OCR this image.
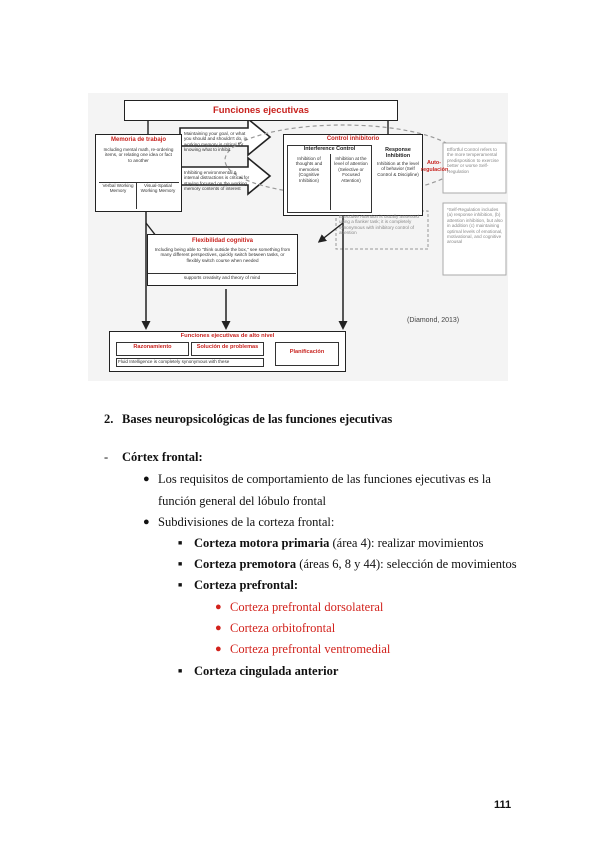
Funciones ejecutivas
Memoria de trabajo
Including mental math, re-ordering items, or relating one idea or fact to another
Verbal Working Memory
Visual-Spatial Working Memory
Maintaining your goal, or what you should and shouldn't do, in working memory is critical for knowing what to inhibit
Inhibiting environmental & internal distractions is critical for staying focused on the working memory contents of interest
Control inhibitorio
Interference Control
Inhibition of thoughts and memories (Cognitive Inhibition)
Inhibition at the level of attention (Selective or Focused Attention)
Response Inhibition
Inhibition at the level of behavior (Self Control & Discipline)
Auto-regulación
Effortful Control refers to the more temperamental predisposition to exercise better or worse Self-Regulation
Executive Attention is usually assessed using a flanker task; it is completely synonymous with inhibitory control of attention
*Self-Regulation includes (a) response inhibition, (b) attention inhibition, but also in addition (c) maintaining optimal levels of emotional, motivational, and cognitive arousal
Flexibilidad cognitiva
Including being able to "think outside the box," see something from many different perspectives, quickly switch between tasks, or flexibly switch course when needed
supports creativity and theory of mind
(Diamond, 2013)
Funciones ejecutivas de alto nivel
Razonamiento	Solución de problemas
Planificación
Fluid Intelligence is completely synonymous with these
2. Bases neuropsicológicas de las funciones ejecutivas
- Córtex frontal:
● Los requisitos de comportamiento de las funciones ejecutivas es la
función general del lóbulo frontal
● Subdivisiones de la corteza frontal:
■ Corteza motora primaria (área 4): realizar movimientos
■ Corteza premotora (áreas 6, 8 y 44): selección de movimientos
■ Corteza prefrontal:
● Corteza prefrontal dorsolateral
● Corteza orbitofrontal
● Corteza prefrontal ventromedial
■ Corteza cingulada anterior
111
